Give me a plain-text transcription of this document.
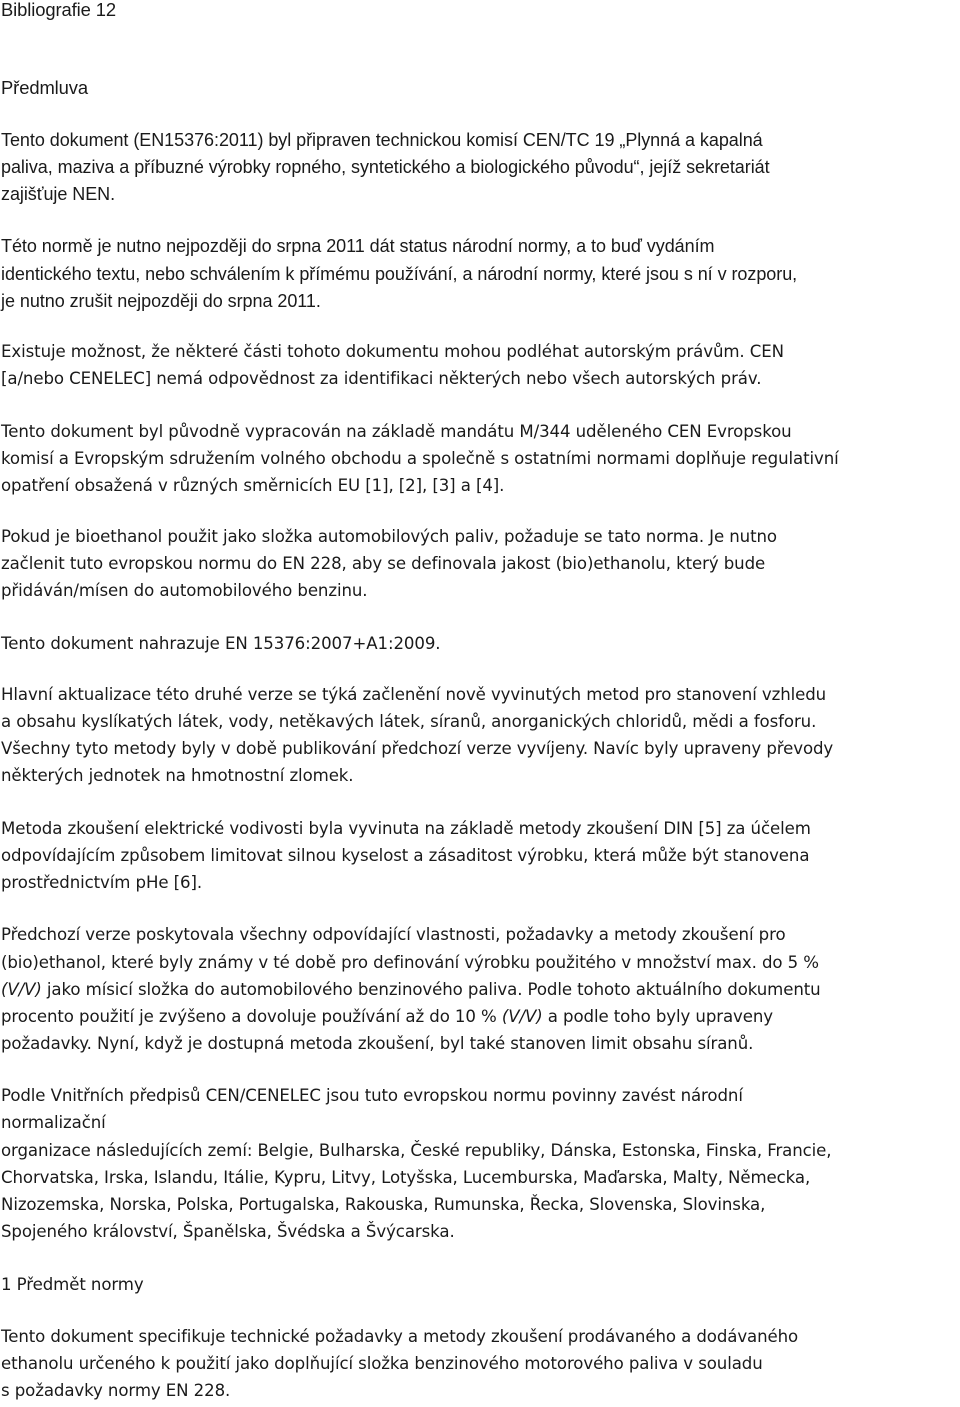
Bibliografie 12
Předmluva
Tento dokument (EN15376:2011) byl připraven technickou komisí CEN/TC 19 „Plynná a kapalná
paliva, maziva a příbuzné výrobky ropného, syntetického a biologického původu“, jejíž sekretariát
zajišťuje NEN.
Této normě je nutno nejpozději do srpna 2011 dát status národní normy, a to buď vydáním
identického textu, nebo schválením k přímému používání, a národní normy, které jsou s ní v rozporu,
je nutno zrušit nejpozději do srpna 2011.
Existuje možnost, že některé části tohoto dokumentu mohou podléhat autorským právům. CEN
[a/nebo CENELEC] nemá odpovědnost za identifikaci některých nebo všech autorských práv.
Tento dokument byl původně vypracován na základě mandátu M/344 uděleného CEN Evropskou
komisí a Evropským sdružením volného obchodu a společně s ostatními normami doplňuje regulativní
opatření obsažená v různých směrnicích EU [1], [2], [3] a [4].
Pokud je bioethanol použit jako složka automobilových paliv, požaduje se tato norma. Je nutno
začlenit tuto evropskou normu do EN 228, aby se definovala jakost (bio)ethanolu, který bude
přidáván/mísen do automobilového benzinu.
Tento dokument nahrazuje EN 15376:2007+A1:2009.
Hlavní aktualizace této druhé verze se týká začlenění nově vyvinutých metod pro stanovení vzhledu
a obsahu kyslíkatých látek, vody, netěkavých látek, síranů, anorganických chloridů, mědi a fosforu.
Všechny tyto metody byly v době publikování předchozí verze vyvíjeny. Navíc byly upraveny převody
některých jednotek na hmotnostní zlomek.
Metoda zkoušení elektrické vodivosti byla vyvinuta na základě metody zkoušení DIN [5] za účelem
odpovídajícím způsobem limitovat silnou kyselost a zásaditost výrobku, která může být stanovena
prostřednictvím pHe [6].
Předchozí verze poskytovala všechny odpovídající vlastnosti, požadavky a metody zkoušení pro
(bio)ethanol, které byly známy v té době pro definování výrobku použitého v množství max. do 5 %
(V/V) jako mísicí složka do automobilového benzinového paliva. Podle tohoto aktuálního dokumentu
procento použití je zvýšeno a dovoluje používání až do 10 % (V/V) a podle toho byly upraveny
požadavky. Nyní, když je dostupná metoda zkoušení, byl také stanoven limit obsahu síranů.
Podle Vnitřních předpisů CEN/CENELEC jsou tuto evropskou normu povinny zavést národní
normalizační
organizace následujících zemí: Belgie, Bulharska, České republiky, Dánska, Estonska, Finska, Francie,
Chorvatska, Irska, Islandu, Itálie, Kypru, Litvy, Lotyšska, Lucemburska, Maďarska, Malty, Německa,
Nizozemska, Norska, Polska, Portugalska, Rakouska, Rumunska, Řecka, Slovenska, Slovinska,
Spojeného království, Španělska, Švédska a Švýcarska.
1 Předmět normy
Tento dokument specifikuje technické požadavky a metody zkoušení prodávaného a dodávaného
ethanolu určeného k použití jako doplňující složka benzinového motorového paliva v souladu
s požadavky normy EN 228.
